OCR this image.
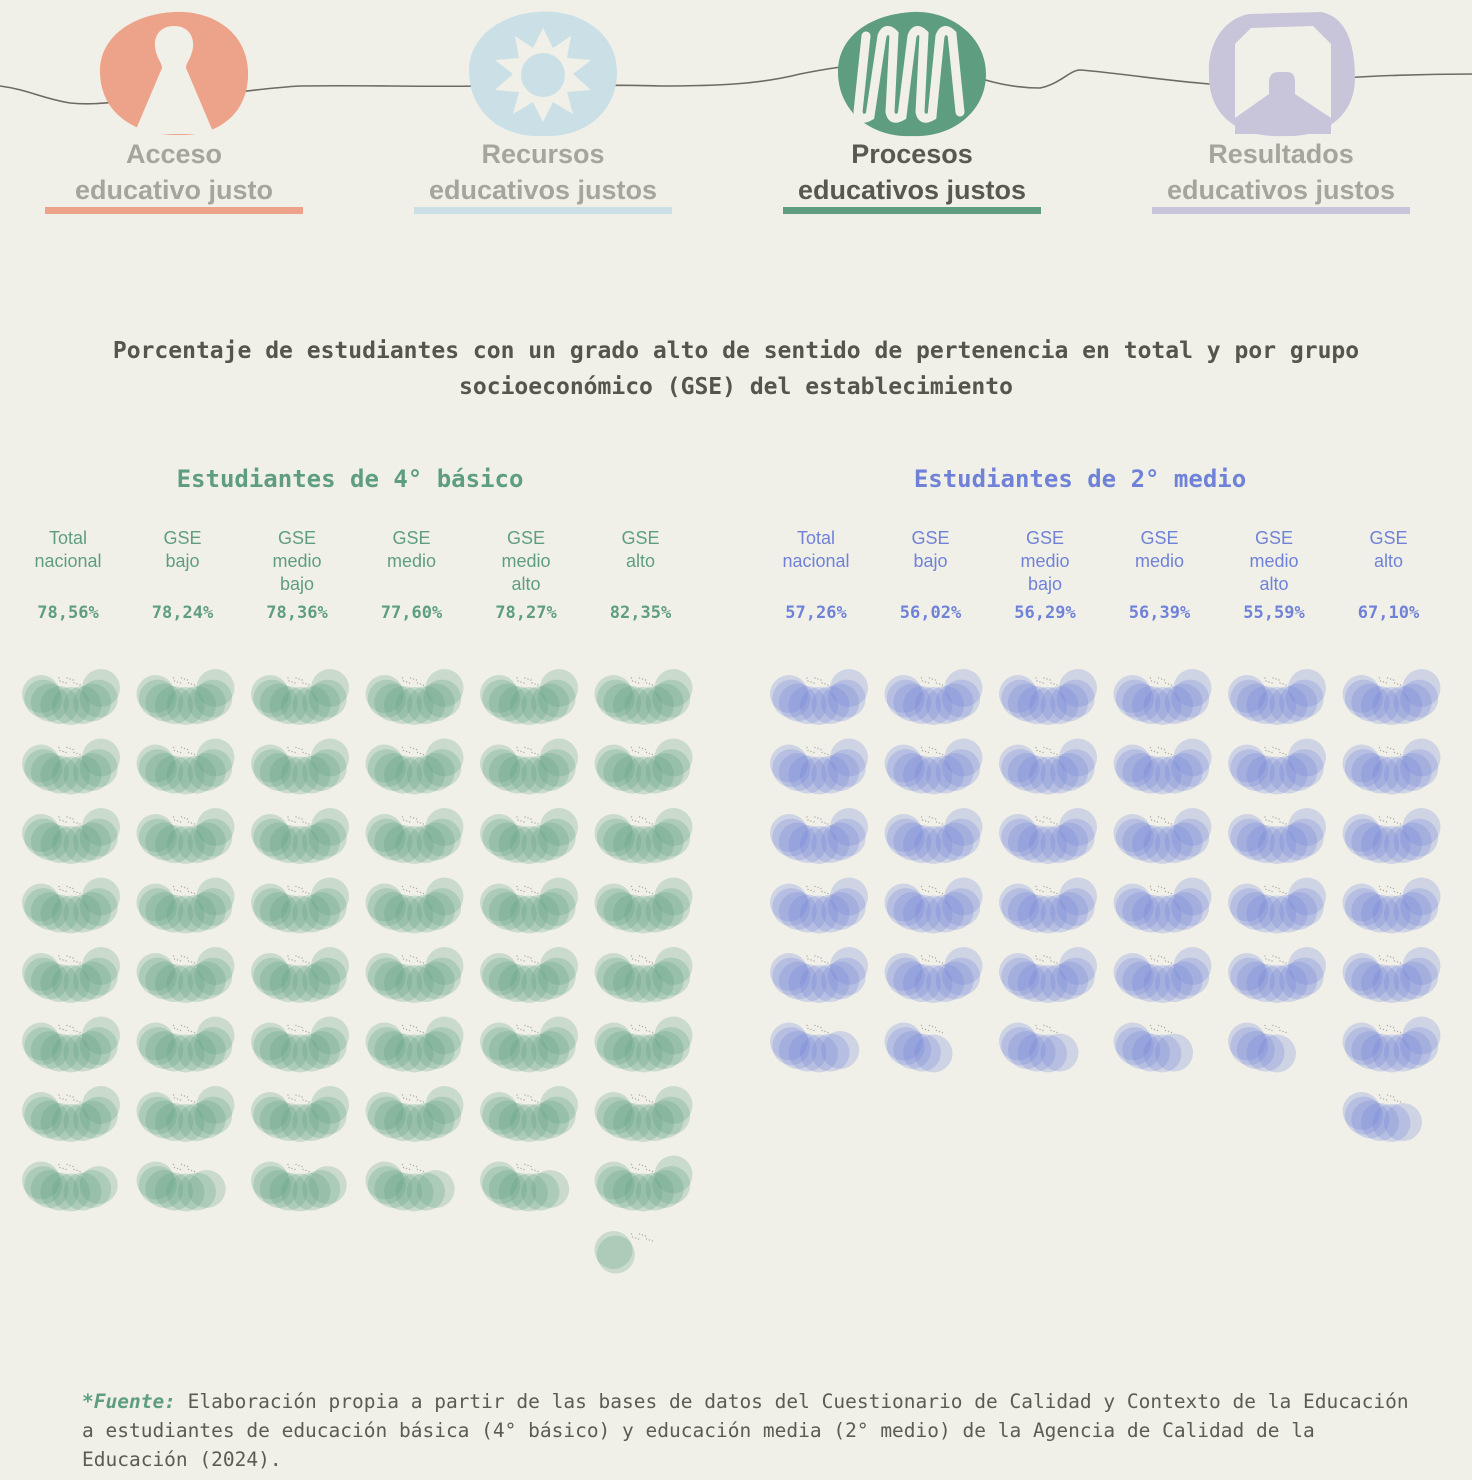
Acceso
educativo justo
Recursos
educativos justos
Procesos
educativos justos
Resultados
educativos justos
Porcentaje de estudiantes con un grado alto de sentido de pertenencia en total y por grupo socioeconómico (GSE) del establecimiento
Estudiantes de 4° básico	Estudiantes de 2° medio
Total
nacional
78,56%
GSE
bajo
78,24%
GSE
medio
bajo
78,36%
GSE
medio
77,60%
GSE
medio
alto
78,27%
GSE
alto
82,35%
Total
nacional
57,26%
GSE
bajo
56,02%
GSE
medio
bajo
56,29%
GSE
medio
56,39%
GSE
medio
alto
55,59%
GSE
alto
67,10%
*Fuente: Elaboración propia a partir de las bases de datos del Cuestionario de Calidad y Contexto de la Educación a estudiantes de educación básica (4° básico) y educación media (2° medio) de la Agencia de Calidad de la Educación (2024).
